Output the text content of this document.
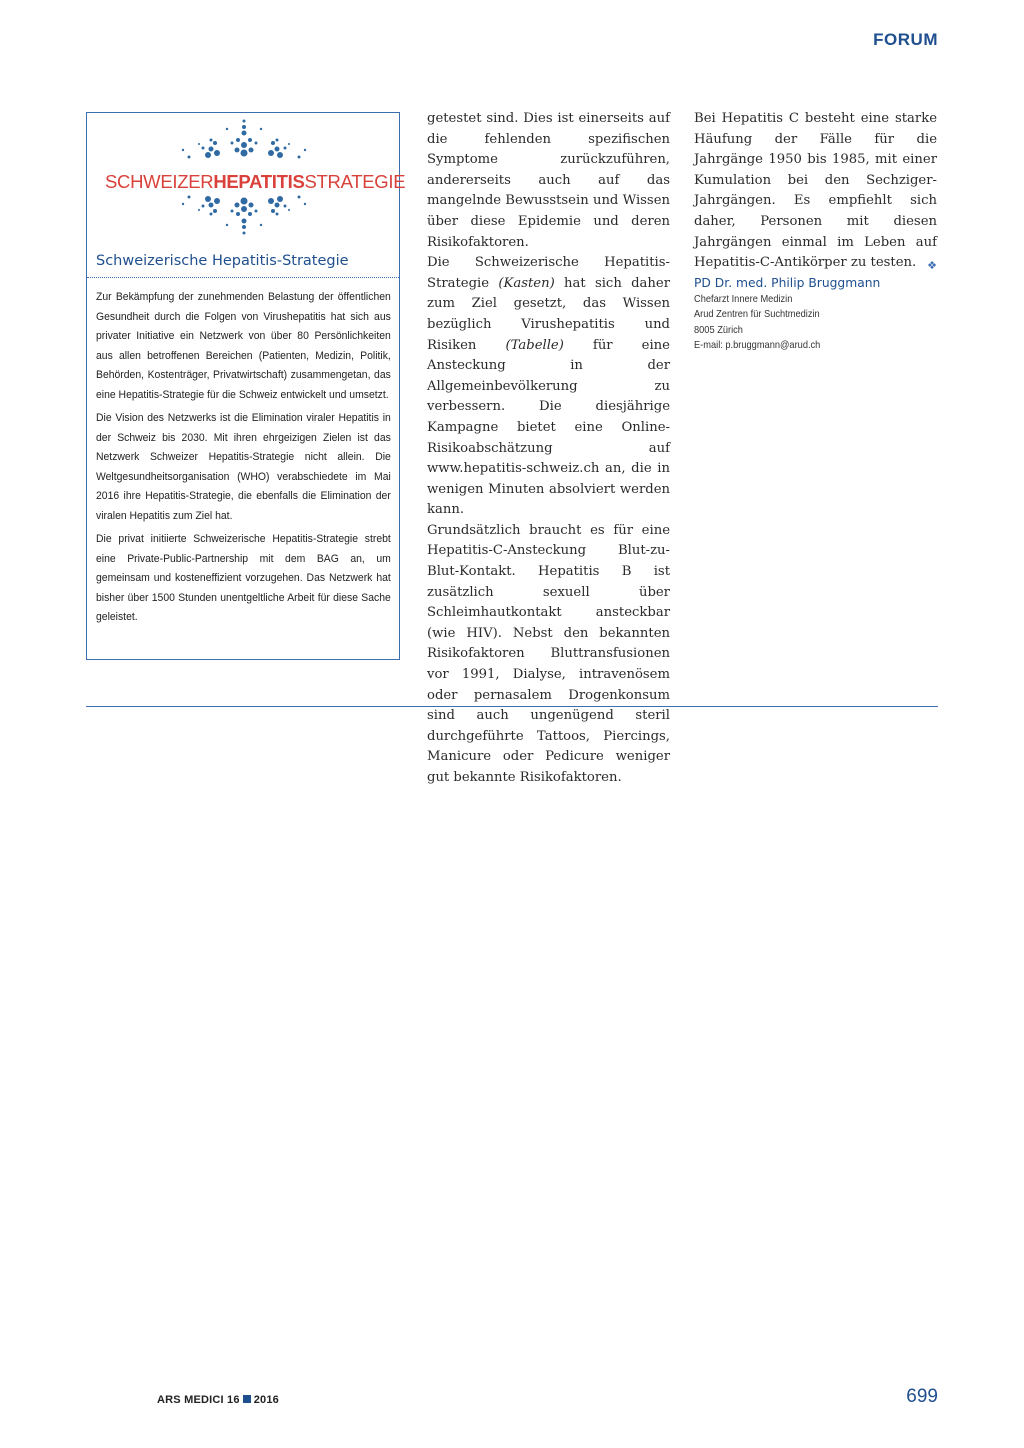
FORUM
SCHWEIZERHEPATITISSTRATEGIE
Schweizerische Hepatitis-Strategie

Zur Bekämpfung der zunehmenden Belastung der öffentlichen Gesundheit durch die Folgen von Virushepatitis hat sich aus privater Initiative ein Netzwerk von über 80 Persönlichkeiten aus allen betroffenen Bereichen (Patienten, Medizin, Politik, Behörden, Kostenträger, Privatwirtschaft) zusammengetan, das eine Hepatitis-Strategie für die Schweiz entwickelt und umsetzt.

Die Vision des Netzwerks ist die Elimination viraler Hepatitis in der Schweiz bis 2030. Mit ihren ehrgeizigen Zielen ist das Netzwerk Schweizer Hepatitis-Strategie nicht allein. Die Weltgesundheitsorganisation (WHO) verabschiedete im Mai 2016 ihre Hepatitis-Strategie, die ebenfalls die Elimination der viralen Hepatitis zum Ziel hat.

Die privat initiierte Schweizerische Hepatitis-Strategie strebt eine Private-Public-Partnership mit dem BAG an, um gemeinsam und kosteneffizient vorzugehen. Das Netzwerk hat bisher über 1500 Stunden unentgeltliche Arbeit für diese Sache geleistet.

getestet sind. Dies ist einerseits auf die fehlenden spezifischen Symptome zurückzuführen, andererseits auch auf das mangelnde Bewusstsein und Wissen über diese Epidemie und deren Risikofaktoren.

Die Schweizerische Hepatitis-Strategie (Kasten) hat sich daher zum Ziel gesetzt, das Wissen bezüglich Virushepatitis und Risiken (Tabelle) für eine Ansteckung in der Allgemeinbevölkerung zu verbessern. Die diesjährige Kampagne bietet eine Online-Risikoabschätzung auf www.hepatitis-schweiz.ch an, die in wenigen Minuten absolviert werden kann.

Grundsätzlich braucht es für eine Hepatitis-C-Ansteckung Blut-zu-Blut-Kontakt. Hepatitis B ist zusätzlich sexuell über Schleimhautkontakt ansteckbar (wie HIV). Nebst den bekannten Risikofaktoren Bluttransfusionen vor 1991, Dialyse, intravenösem oder pernasalem Drogenkonsum sind auch ungenügend steril durchgeführte Tattoos, Piercings, Manicure oder Pedicure weniger gut bekannte Risikofaktoren.

Bei Hepatitis C besteht eine starke Häufung der Fälle für die Jahrgänge 1950 bis 1985, mit einer Kumulation bei den Sechziger-Jahrgängen. Es empfiehlt sich daher, Personen mit diesen Jahrgängen einmal im Leben auf Hepatitis-C-Antikörper zu testen. ❖

PD Dr. med. Philip Bruggmann
Chefarzt Innere Medizin
Arud Zentren für Suchtmedizin
8005 Zürich
E-mail: p.bruggmann@arud.ch
ARS MEDICI 16 2016	699
